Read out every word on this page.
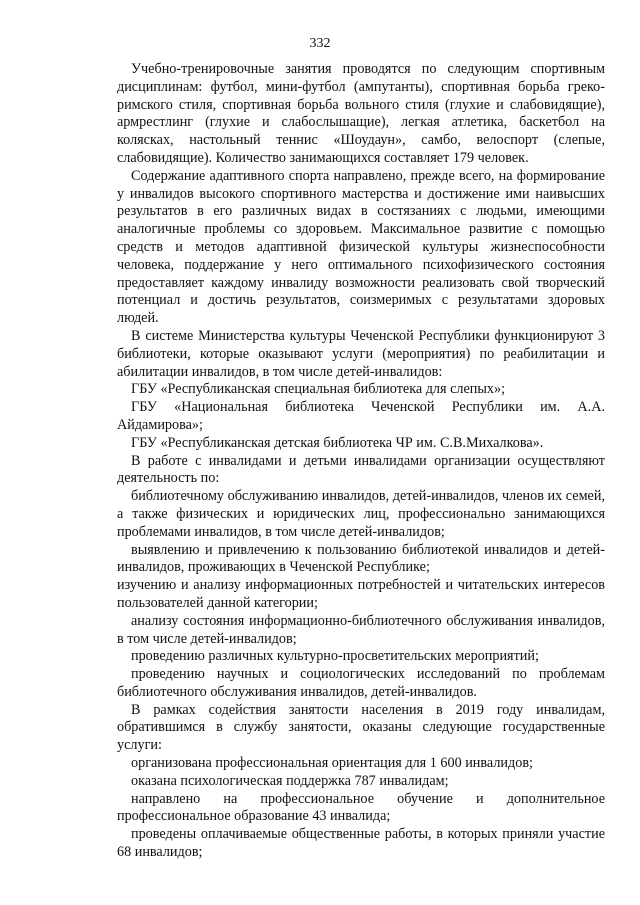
332

Учебно-тренировочные занятия проводятся по следующим спортивным дисциплинам: футбол, мини-футбол (ампутанты), спортивная борьба греко-римского стиля, спортивная борьба вольного стиля (глухие и слабовидящие), армрестлинг (глухие и слабослышащие), легкая атлетика, баскетбол на колясках, настольный теннис «Шоудаун», самбо, велоспорт (слепые, слабовидящие). Количество занимающихся составляет 179 человек.

Содержание адаптивного спорта направлено, прежде всего, на формирование у инвалидов высокого спортивного мастерства и достижение ими наивысших результатов в его различных видах в состязаниях с людьми, имеющими аналогичные проблемы со здоровьем. Максимальное развитие с помощью средств и методов адаптивной физической культуры жизнеспособности человека, поддержание у него оптимального психофизического состояния предоставляет каждому инвалиду возможности реализовать свой творческий потенциал и достичь результатов, соизмеримых с результатами здоровых людей.

В системе Министерства культуры Чеченской Республики функционируют 3 библиотеки, которые оказывают услуги (мероприятия) по реабилитации и абилитации инвалидов, в том числе детей-инвалидов:

ГБУ «Республиканская специальная библиотека для слепых»;

ГБУ «Национальная библиотека Чеченской Республики им. А.А. Айдамирова»;

ГБУ «Республиканская детская библиотека ЧР им. С.В.Михалкова».

В работе с инвалидами и детьми инвалидами организации осуществляют деятельность по:

библиотечному обслуживанию инвалидов, детей-инвалидов, членов их семей, а также физических и юридических лиц, профессионально занимающихся проблемами инвалидов, в том числе детей-инвалидов;

выявлению и привлечению к пользованию библиотекой инвалидов и детей-инвалидов, проживающих в Чеченской Республике;

изучению и анализу информационных потребностей и читательских интересов пользователей данной категории;

анализу состояния информационно-библиотечного обслуживания инвалидов, в том числе детей-инвалидов;

проведению различных культурно-просветительских мероприятий;

проведению научных и социологических исследований по проблемам библиотечного обслуживания инвалидов, детей-инвалидов.

В рамках содействия занятости населения в 2019 году инвалидам, обратившимся в службу занятости, оказаны следующие государственные услуги:

организована профессиональная ориентация для 1 600 инвалидов;

оказана психологическая поддержка 787 инвалидам;

направлено на профессиональное обучение и дополнительное профессиональное образование 43 инвалида;

проведены оплачиваемые общественные работы, в которых приняли участие 68 инвалидов;
